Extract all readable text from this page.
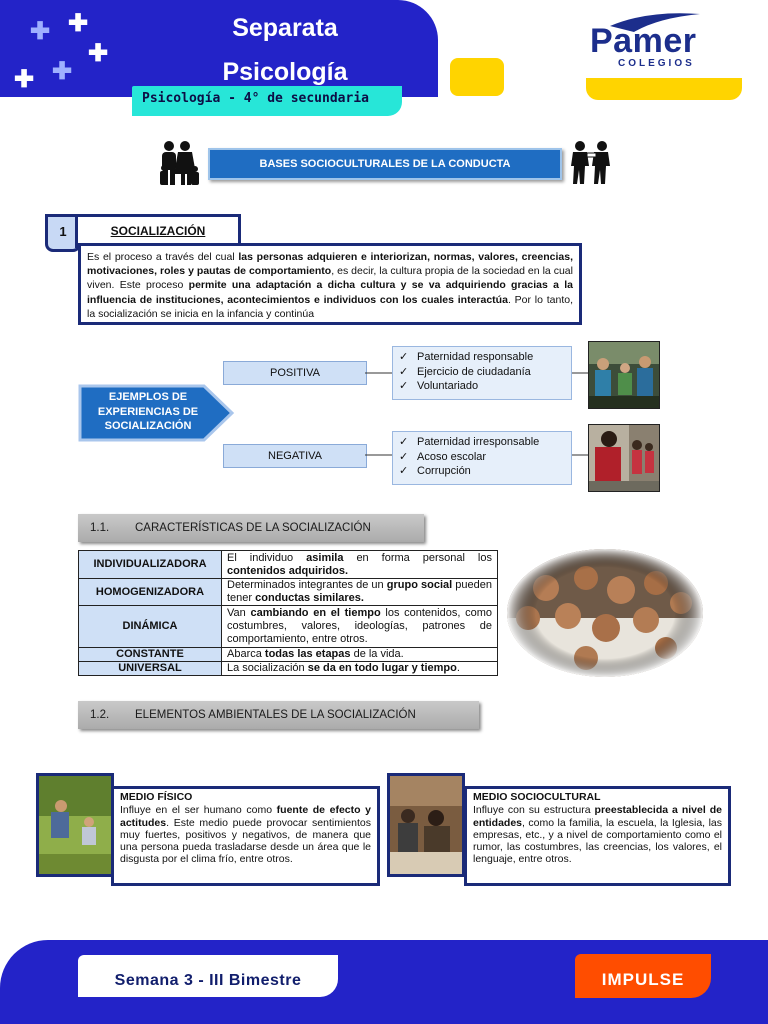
✚ ✚
✚
✚
✚
Separata
Psicología
Psicología - 4° de secundaria
Pamer
COLEGIOS
BASES SOCIOCULTURALES DE LA CONDUCTA
1	SOCIALIZACIÓN
Es el proceso a través del cual las personas adquieren e interiorizan, normas, valores, creencias, motivaciones, roles y pautas de comportamiento, es decir, la cultura propia de la sociedad en la cual viven. Este proceso permite una adaptación a dicha cultura y se va adquiriendo gracias a la influencia de instituciones, acontecimientos e individuos con los cuales interactúa. Por lo tanto, la socialización se inicia en la infancia y continúa
POSITIVA
NEGATIVA
EJEMPLOS DE EXPERIENCIAS DE SOCIALIZACIÓN
✓ Paternidad responsable
✓ Ejercicio de ciudadanía
✓ Voluntariado
✓ Paternidad irresponsable
✓ Acoso escolar
✓ Corrupción
1.1. CARACTERÍSTICAS DE LA SOCIALIZACIÓN
INDIVIDUALIZADORA	El individuo asimila en forma personal los contenidos adquiridos.
HOMOGENIZADORA	Determinados integrantes de un grupo social pueden tener conductas similares.
DINÁMICA	Van cambiando en el tiempo los contenidos, como costumbres, valores, ideologías, patrones de comportamiento, entre otros.
CONSTANTE	Abarca todas las etapas de la vida.
UNIVERSAL	La socialización se da en todo lugar y tiempo.
1.2. ELEMENTOS AMBIENTALES DE LA SOCIALIZACIÓN
MEDIO FÍSICO
Influye en el ser humano como fuente de efecto y actitudes. Este medio puede provocar sentimientos muy fuertes, positivos y negativos, de manera que una persona pueda trasladarse desde un área que le disgusta por el clima frío, entre otros.
MEDIO SOCIOCULTURAL
Influye con su estructura preestablecida a nivel de entidades, como la familia, la escuela, la Iglesia, las empresas, etc., y a nivel de comportamiento como el rumor, las costumbres, las creencias, los valores, el lenguaje, entre otros.
Semana 3 - III Bimestre	IMPULSE
